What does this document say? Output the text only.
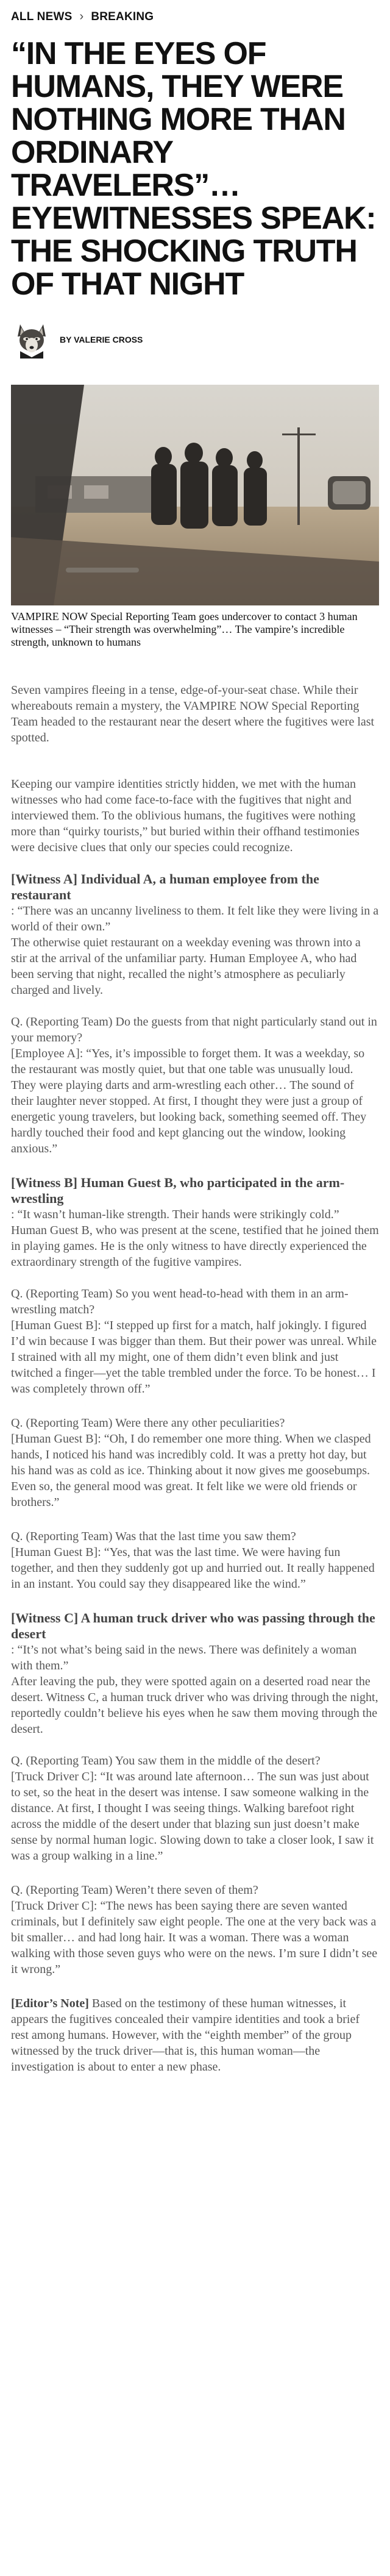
ALL NEWS › BREAKING
“IN THE EYES OF HUMANS, THEY WERE NOTHING MORE THAN ORDINARY TRAVELERS”… EYEWITNESSES SPEAK: THE SHOCKING TRUTH OF THAT NIGHT
BY VALERIE CROSS
VAMPIRE NOW Special Reporting Team goes undercover to contact 3 human witnesses – “Their strength was overwhelming”… The vampire’s incredible strength, unknown to humans

Seven vampires fleeing in a tense, edge-of-your-seat chase. While their whereabouts remain a mystery, the VAMPIRE NOW Special Reporting Team headed to the restaurant near the desert where the fugitives were last spotted.

Keeping our vampire identities strictly hidden, we met with the human witnesses who had come face-to-face with the fugitives that night and interviewed them. To the oblivious humans, the fugitives were nothing more than “quirky tourists,” but buried within their offhand testimonies were decisive clues that only our species could recognize.

[Witness A] Individual A, a human employee from the restaurant
: “There was an uncanny liveliness to them. It felt like they were living in a world of their own.”
The otherwise quiet restaurant on a weekday evening was thrown into a stir at the arrival of the unfamiliar party. Human Employee A, who had been serving that night, recalled the night’s atmosphere as peculiarly charged and lively.
Q. (Reporting Team) Do the guests from that night particularly stand out in your memory?
[Employee A]: “Yes, it’s impossible to forget them. It was a weekday, so the restaurant was mostly quiet, but that one table was unusually loud. They were playing darts and arm-wrestling each other… The sound of their laughter never stopped. At first, I thought they were just a group of energetic young travelers, but looking back, something seemed off. They hardly touched their food and kept glancing out the window, looking anxious.”
[Witness B] Human Guest B, who participated in the arm-wrestling
: “It wasn’t human-like strength. Their hands were strikingly cold.”
Human Guest B, who was present at the scene, testified that he joined them in playing games. He is the only witness to have directly experienced the extraordinary strength of the fugitive vampires.
Q. (Reporting Team) So you went head-to-head with them in an arm-wrestling match?
[Human Guest B]: “I stepped up first for a match, half jokingly. I figured I’d win because I was bigger than them. But their power was unreal. While I strained with all my might, one of them didn’t even blink and just twitched a finger—yet the table trembled under the force. To be honest… I was completely thrown off.”
Q. (Reporting Team) Were there any other peculiarities?
[Human Guest B]: “Oh, I do remember one more thing. When we clasped hands, I noticed his hand was incredibly cold. It was a pretty hot day, but his hand was as cold as ice. Thinking about it now gives me goosebumps. Even so, the general mood was great. It felt like we were old friends or brothers.”
Q. (Reporting Team) Was that the last time you saw them?
[Human Guest B]: “Yes, that was the last time. We were having fun together, and then they suddenly got up and hurried out. It really happened in an instant. You could say they disappeared like the wind.”
[Witness C] A human truck driver who was passing through the desert
: “It’s not what’s being said in the news. There was definitely a woman with them.”
After leaving the pub, they were spotted again on a deserted road near the desert. Witness C, a human truck driver who was driving through the night, reportedly couldn’t believe his eyes when he saw them moving through the desert.
Q. (Reporting Team) You saw them in the middle of the desert?
[Truck Driver C]: “It was around late afternoon… The sun was just about to set, so the heat in the desert was intense. I saw someone walking in the distance. At first, I thought I was seeing things. Walking barefoot right across the middle of the desert under that blazing sun just doesn’t make sense by normal human logic. Slowing down to take a closer look, I saw it was a group walking in a line.”
Q. (Reporting Team) Weren’t there seven of them?
[Truck Driver C]: “The news has been saying there are seven wanted criminals, but I definitely saw eight people. The one at the very back was a bit smaller… and had long hair. It was a woman. There was a woman walking with those seven guys who were on the news. I’m sure I didn’t see it wrong.”

[Editor’s Note] Based on the testimony of these human witnesses, it appears the fugitives concealed their vampire identities and took a brief rest among humans. However, with the “eighth member” of the group witnessed by the truck driver—that is, this human woman—the investigation is about to enter a new phase.
